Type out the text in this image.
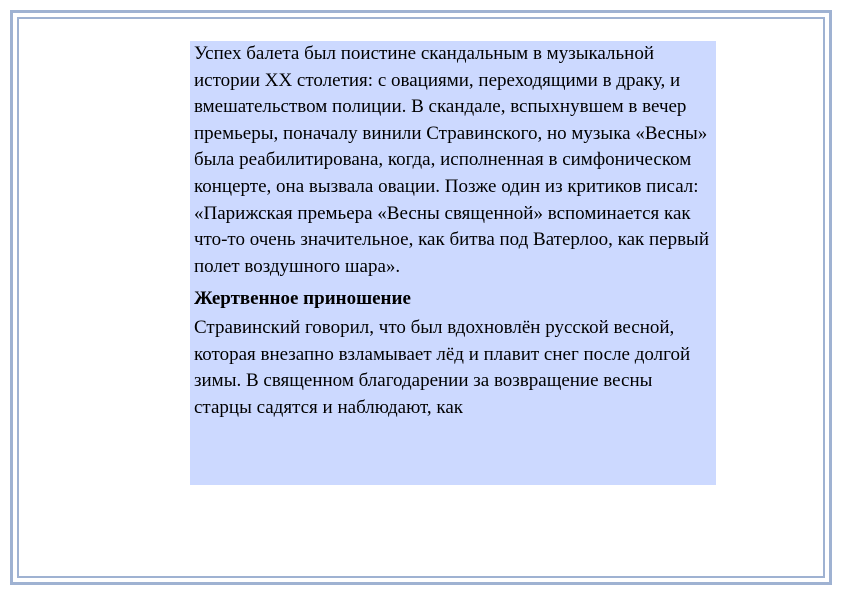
Успех балета был поистине скандальным в музыкальной истории XX столетия: с овациями, переходящими в драку, и вмешательством полиции. В скандале, вспыхнувшем в вечер премьеры, поначалу винили Стравинского, но музыка «Весны» была реабилитирована, когда, исполненная в симфоническом концерте, она вызвала овации. Позже один из критиков писал: «Парижская премьера «Весны священной» вспоминается как что-то очень значительное, как битва под Ватерлоо, как первый полет воздушного шара».

Жертвенное приношение

Стравинский говорил, что был вдохновлён русской весной, которая внезапно взламывает лёд и плавит снег после долгой зимы. В священном благодарении за возвращение весны старцы садятся и наблюдают, как
